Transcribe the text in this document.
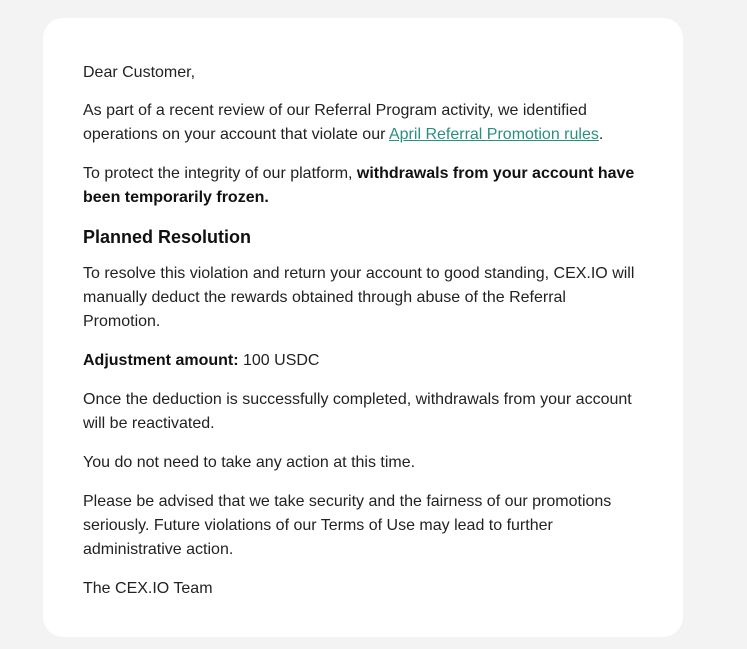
Dear Customer,

As part of a recent review of our Referral Program activity, we identified operations on your account that violate our April Referral Promotion rules.

To protect the integrity of our platform, withdrawals from your account have been temporarily frozen.

Planned Resolution

To resolve this violation and return your account to good standing, CEX.IO will manually deduct the rewards obtained through abuse of the Referral Promotion.

Adjustment amount: 100 USDC

Once the deduction is successfully completed, withdrawals from your account will be reactivated.

You do not need to take any action at this time.

Please be advised that we take security and the fairness of our promotions seriously. Future violations of our Terms of Use may lead to further administrative action.

The CEX.IO Team
